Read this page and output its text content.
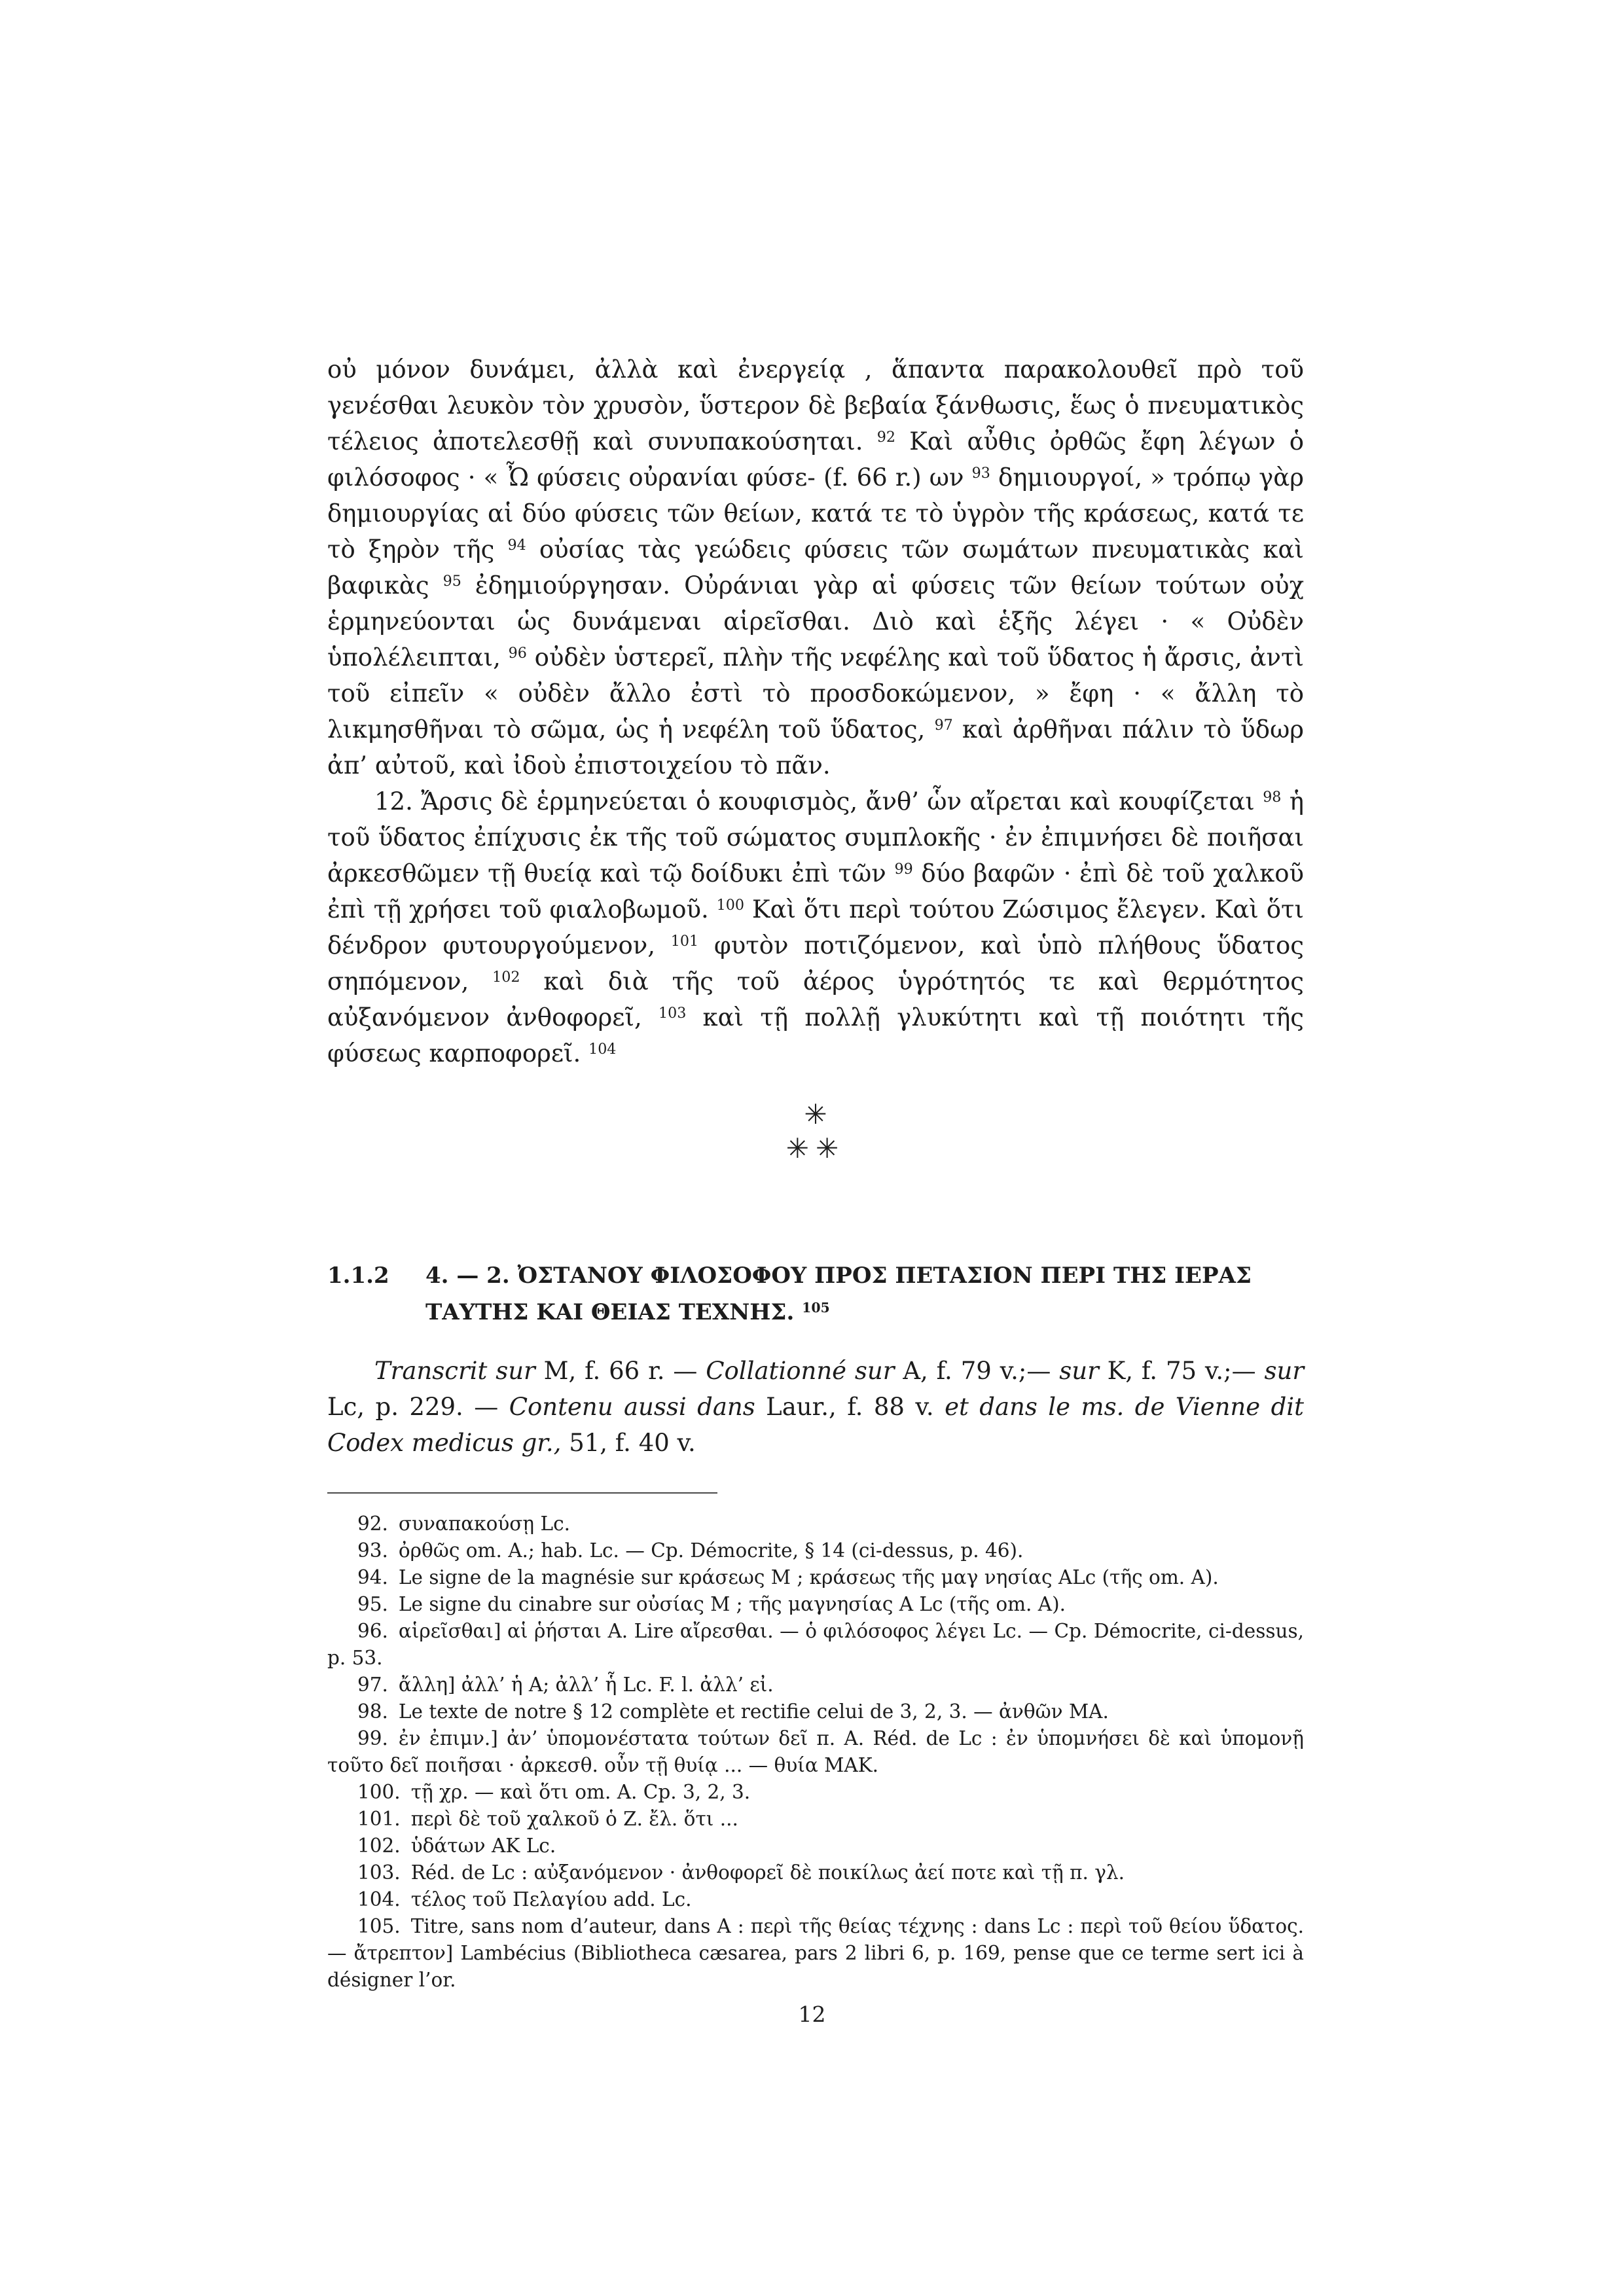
οὐ μόνον δυνάμει, ἀλλὰ καὶ ἐνεργείᾳ , ἅπαντα παρακολουθεῖ πρὸ τοῦ γενέσθαι λευκὸν τὸν χρυσὸν, ὕστερον δὲ βεβαία ξάνθωσις, ἕως ὁ πνευματικὸς τέλειος ἀποτελεσθῇ καὶ συνυπακούσηται. $^{92}$ Καὶ αὖθις ὀρθῶς ἔφη λέγων ὁ φιλόσοφος · « Ὦ φύσεις οὐρανίαι φύσε- (f. 66 r.) ων $^{93}$ δημιουργοί, » τρόπῳ γὰρ δημιουργίας αἱ δύο φύσεις τῶν θείων, κατά τε τὸ ὑγρὸν τῆς κράσεως, κατά τε τὸ ξηρὸν τῆς $^{94}$ οὐσίας τὰς γεώδεις φύσεις τῶν σωμάτων πνευματικὰς καὶ βαφικὰς $^{95}$ ἐδημιούργησαν. Οὐράνιαι γὰρ αἱ φύσεις τῶν θείων τούτων οὐχ ἑρμηνεύονται ὡς δυνάμεναι αἱρεῖσθαι. Διὸ καὶ ἑξῆς λέγει · « Οὐδὲν ὑπολέλειπται, $^{96}$ οὐδὲν ὑστερεῖ, πλὴν τῆς νεφέλης καὶ τοῦ ὕδατος ἡ ἄρσις, ἀντὶ τοῦ εἰπεῖν « οὐδὲν ἄλλο ἐστὶ τὸ προσδοκώμενον, » ἔφη · « ἄλλη τὸ λικμησθῆναι τὸ σῶμα, ὡς ἡ νεφέλη τοῦ ὕδατος, $^{97}$ καὶ ἀρθῆναι πάλιν τὸ ὕδωρ ἀπ’ αὐτοῦ, καὶ ἰδοὺ ἐπιστοιχείου τὸ πᾶν.

12. Ἄρσις δὲ ἑρμηνεύεται ὁ κουφισμὸς, ἄνθ’ ὧν αἴρεται καὶ κουφίζεται $^{98}$ ἡ τοῦ ὕδατος ἐπίχυσις ἐκ τῆς τοῦ σώματος συμπλοκῆς · ἐν ἐπιμνήσει δὲ ποιῆσαι ἀρκεσθῶμεν τῇ θυείᾳ καὶ τῷ δοίδυκι ἐπὶ τῶν $^{99}$ δύο βαφῶν · ἐπὶ δὲ τοῦ χαλκοῦ ἐπὶ τῇ χρήσει τοῦ φιαλοβωμοῦ. $^{100}$ Καὶ ὅτι περὶ τούτου Ζώσιμος ἔλεγεν. Καὶ ὅτι δένδρον φυτουργούμενον, $^{101}$ φυτὸν ποτιζόμενον, καὶ ὑπὸ πλήθους ὕδατος σηπόμενον, $^{102}$ καὶ διὰ τῆς τοῦ ἀέρος ὑγρότητός τε καὶ θερμότητος αὐξανόμενον ἀνθοφορεῖ, $^{103}$ καὶ τῇ πολλῇ γλυκύτητι καὶ τῇ ποιότητι τῆς φύσεως καρποφορεῖ. $^{104}$

✳
✳✳
1.1.2	4. — 2. ὈΣΤΑΝΟΥ ΦΙΛΟΣΟΦΟΥ ΠΡΟΣ ΠΕΤΑΣΙΟΝ ΠΕΡΙ ΤΗΣ ΙΕΡΑΣ ΤΑΥΤΗΣ ΚΑΙ ΘΕΙΑΣ ΤΕΧΝΗΣ. $^{105}$

Transcrit sur M, f. 66 r. — Collationné sur A, f. 79 v.;— sur K, f. 75 v.;— sur Lc, p. 229. — Contenu aussi dans Laur., f. 88 v. et dans le ms. de Vienne dit Codex medicus gr., 51, f. 40 v.

92. συναπακούσῃ Lc.

93. ὀρθῶς om. A.; hab. Lc. — Cp. Démocrite, § 14 (ci-dessus, p. 46).

94. Le signe de la magnésie sur κράσεως M ; κράσεως τῆς μαγ νησίας ALc (τῆς om. A).

95. Le signe du cinabre sur οὐσίας M ; τῆς μαγνησίας A Lc (τῆς om. A).

96. αἱρεῖσθαι] αἱ ῥήσται A. Lire αἴρεσθαι. — ὁ φιλόσοφος λέγει Lc. — Cp. Démocrite, ci-dessus, p. 53.

97. ἄλλη] ἀλλ’ ἡ A; ἀλλ’ ἧ Lc. F. l. ἀλλ’ εἰ.

98. Le texte de notre § 12 complète et rectifie celui de 3, 2, 3. — ἀνθῶν MA.

99. ἐν ἐπιμν.] ἀν’ ὑπομονέστατα τούτων δεῖ π. A. Réd. de Lc : ἐν ὑπομνήσει δὲ καὶ ὑπομονῇ τοῦτο δεῖ ποιῆσαι · ἀρκεσθ. οὖν τῇ θυίᾳ ... — θυία ΜΑΚ.

100. τῇ χρ. — καὶ ὅτι om. A. Cp. 3, 2, 3.

101. περὶ δὲ τοῦ χαλκοῦ ὁ Ζ. ἔλ. ὅτι ...

102. ὑδάτων ΑΚ Lc.

103. Réd. de Lc : αὐξανόμενον · ἀνθοφορεῖ δὲ ποικίλως ἀεί ποτε καὶ τῇ π. γλ.

104. τέλος τοῦ Πελαγίου add. Lc.

105. Titre, sans nom d’auteur, dans A : περὶ τῆς θείας τέχνης : dans Lc : περὶ τοῦ θείου ὕδατος. — ἄτρεπτον] Lambécius (Bibliotheca cæsarea, pars 2 libri 6, p. 169, pense que ce terme sert ici à désigner l’or.

12
